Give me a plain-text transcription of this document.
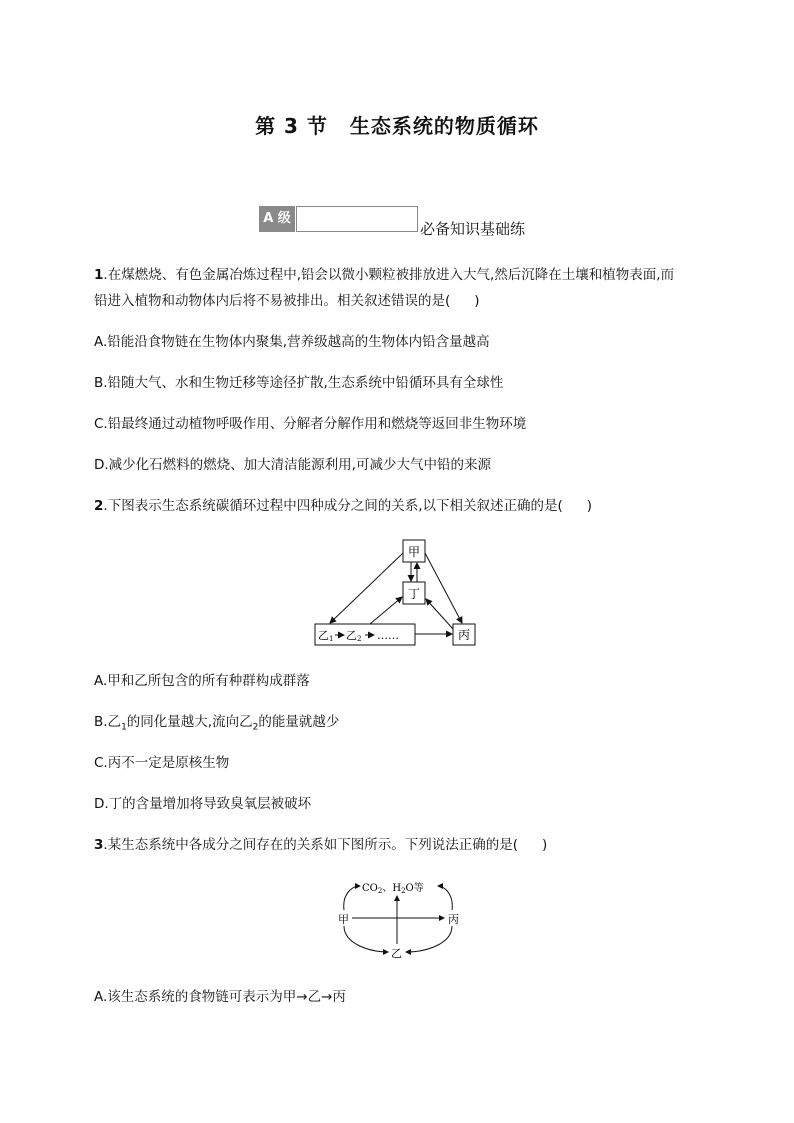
第 3 节 生态系统的物质循环
A 级
必备知识基础练
1.在煤燃烧、有色金属冶炼过程中,铅会以微小颗粒被排放进入大气,然后沉降在土壤和植物表面,而
铅进入植物和动物体内后将不易被排出。相关叙述错误的是( )
A.铅能沿食物链在生物体内聚集,营养级越高的生物体内铅含量越高
B.铅随大气、水和生物迁移等途径扩散,生态系统中铅循环具有全球性
C.铅最终通过动植物呼吸作用、分解者分解作用和燃烧等返回非生物环境
D.减少化石燃料的燃烧、加大清洁能源利用,可减少大气中铅的来源
2.下图表示生态系统碳循环过程中四种成分之间的关系,以下相关叙述正确的是( )
甲
丁
乙1 乙2 ……	丙
A.甲和乙所包含的所有种群构成群落
B.乙$_1$的同化量越大,流向乙$_2$的能量就越少
C.丙不一定是原核生物
D.丁的含量增加将导致臭氧层被破坏
3.某生态系统中各成分之间存在的关系如下图所示。下列说法正确的是( )
$CO_2$、$H_2O$等
甲	丙
乙
A.该生态系统的食物链可表示为甲→乙→丙
